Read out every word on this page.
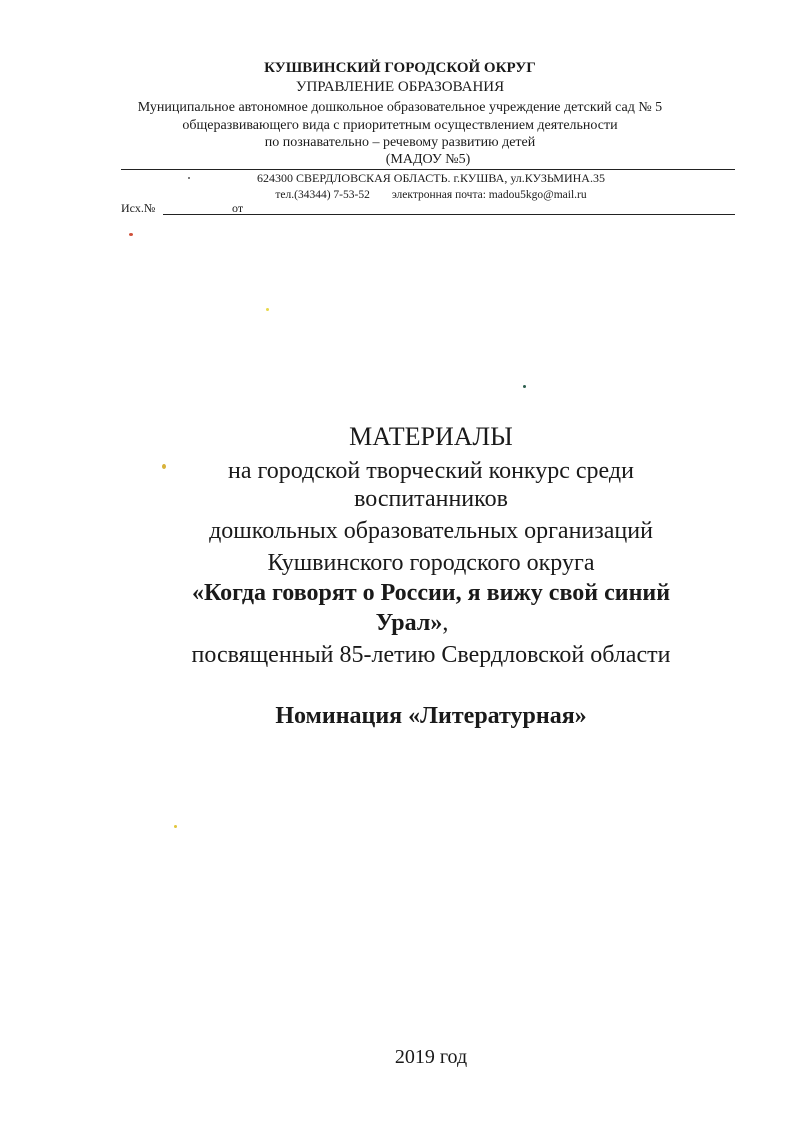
КУШВИНСКИЙ ГОРОДСКОЙ ОКРУГ
УПРАВЛЕНИЕ ОБРАЗОВАНИЯ
Муниципальное автономное дошкольное образовательное учреждение детский сад № 5
общеразвивающего вида с приоритетным осуществлением деятельности
по познавательно – речевому развитию детей
(МАДОУ №5)
624300 СВЕРДЛОВСКАЯ ОБЛАСТЬ. г.КУШВА, ул.КУЗЬМИНА.35
тел.(34344) 7-53-52 электронная почта: madou5kgo@mail.ru
Исх.№	от
МАТЕРИАЛЫ
на городской творческий конкурс среди
воспитанников
дошкольных образовательных организаций
Кушвинского городского округа
«Когда говорят о России, я вижу свой синий
Урал»,
посвященный 85-летию Свердловской области
Номинация «Литературная»
2019 год
